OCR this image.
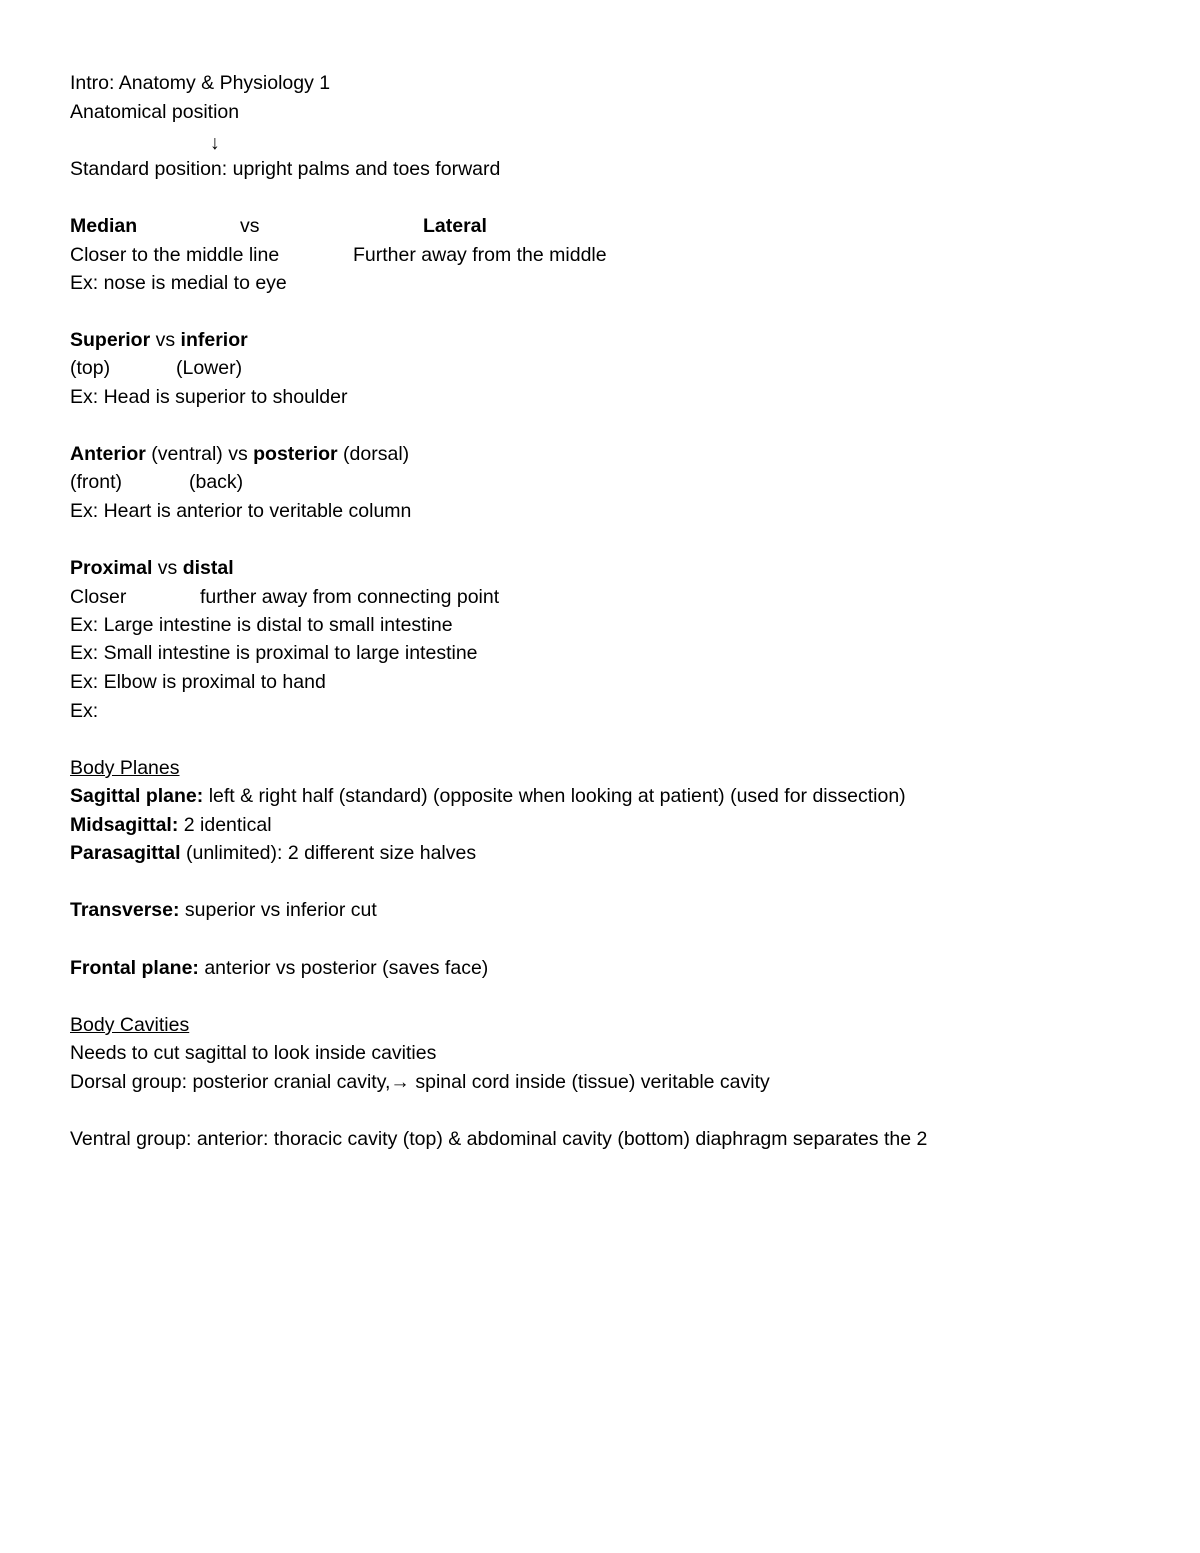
Intro: Anatomy & Physiology 1
Anatomical position
↓
Standard position: upright palms and toes forward
Median	vs	Lateral
Closer to the middle line	Further away from the middle
Ex: nose is medial to eye
Superior vs inferior
(top)	(Lower)
Ex: Head is superior to shoulder
Anterior (ventral) vs posterior (dorsal)
(front)	(back)
Ex: Heart is anterior to veritable column
Proximal vs distal
Closer	further away from connecting point
Ex: Large intestine is distal to small intestine
Ex: Small intestine is proximal to large intestine
Ex: Elbow is proximal to hand
Ex:
Body Planes
Sagittal plane: left & right half (standard) (opposite when looking at patient) (used for dissection)
Midsagittal: 2 identical
Parasagittal (unlimited): 2 different size halves
Transverse: superior vs inferior cut
Frontal plane: anterior vs posterior (saves face)
Body Cavities
Needs to cut sagittal to look inside cavities
Dorsal group: posterior cranial cavity,→ spinal cord inside (tissue) veritable cavity
Ventral group: anterior: thoracic cavity (top) & abdominal cavity (bottom) diaphragm separates the 2
